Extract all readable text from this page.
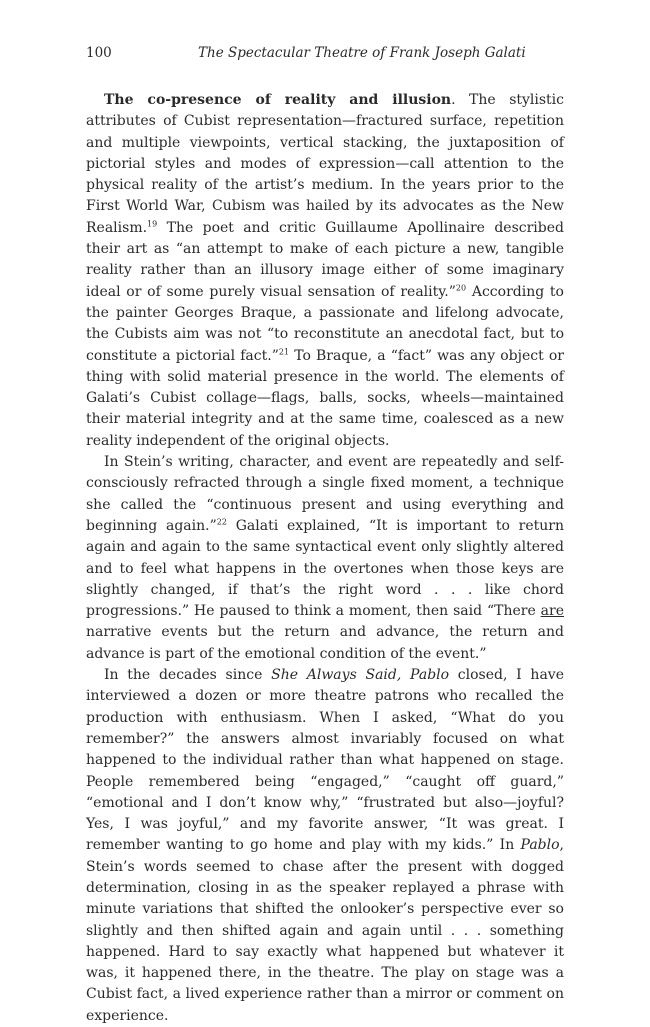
100	The Spectacular Theatre of Frank Joseph Galati

The co-presence of reality and illusion. The stylistic attributes of Cubist representation—fractured surface, repetition and multiple viewpoints, vertical stacking, the juxtaposition of pictorial styles and modes of expression—call attention to the physical reality of the artist’s medium. In the years prior to the First World War, Cubism was hailed by its advocates as the New Realism.$^{19}$ The poet and critic Guillaume Apollinaire described their art as “an attempt to make of each picture a new, tangible reality rather than an illusory image either of some imaginary ideal or of some purely visual sensation of reality.”$^{20}$ According to the painter Georges Braque, a passionate and lifelong advocate, the Cubists aim was not “to reconstitute an anecdotal fact, but to constitute a pictorial fact.”$^{21}$ To Braque, a “fact” was any object or thing with solid material presence in the world. The elements of Galati’s Cubist collage—flags, balls, socks, wheels—maintained their material integrity and at the same time, coalesced as a new reality independent of the original objects.

In Stein’s writing, character, and event are repeatedly and self-consciously refracted through a single fixed moment, a technique she called the “continuous present and using everything and beginning again.”$^{22}$ Galati explained, “It is important to return again and again to the same syntactical event only slightly altered and to feel what happens in the overtones when those keys are slightly changed, if that’s the right word . . . like chord progressions.” He paused to think a moment, then said “There are narrative events but the return and advance, the return and advance is part of the emotional condition of the event.”

In the decades since She Always Said, Pablo closed, I have interviewed a dozen or more theatre patrons who recalled the production with enthusiasm. When I asked, “What do you remember?” the answers almost invariably focused on what happened to the individual rather than what happened on stage. People remembered being “engaged,” “caught off guard,” “emotional and I don’t know why,” “frustrated but also—joyful? Yes, I was joyful,” and my favorite answer, “It was great. I remember wanting to go home and play with my kids.” In Pablo, Stein’s words seemed to chase after the present with dogged determination, closing in as the speaker replayed a phrase with minute variations that shifted the onlooker’s perspective ever so slightly and then shifted again and again until . . . something happened. Hard to say exactly what happened but whatever it was, it happened there, in the theatre. The play on stage was a Cubist fact, a lived experience rather than a mirror or comment on experience.
